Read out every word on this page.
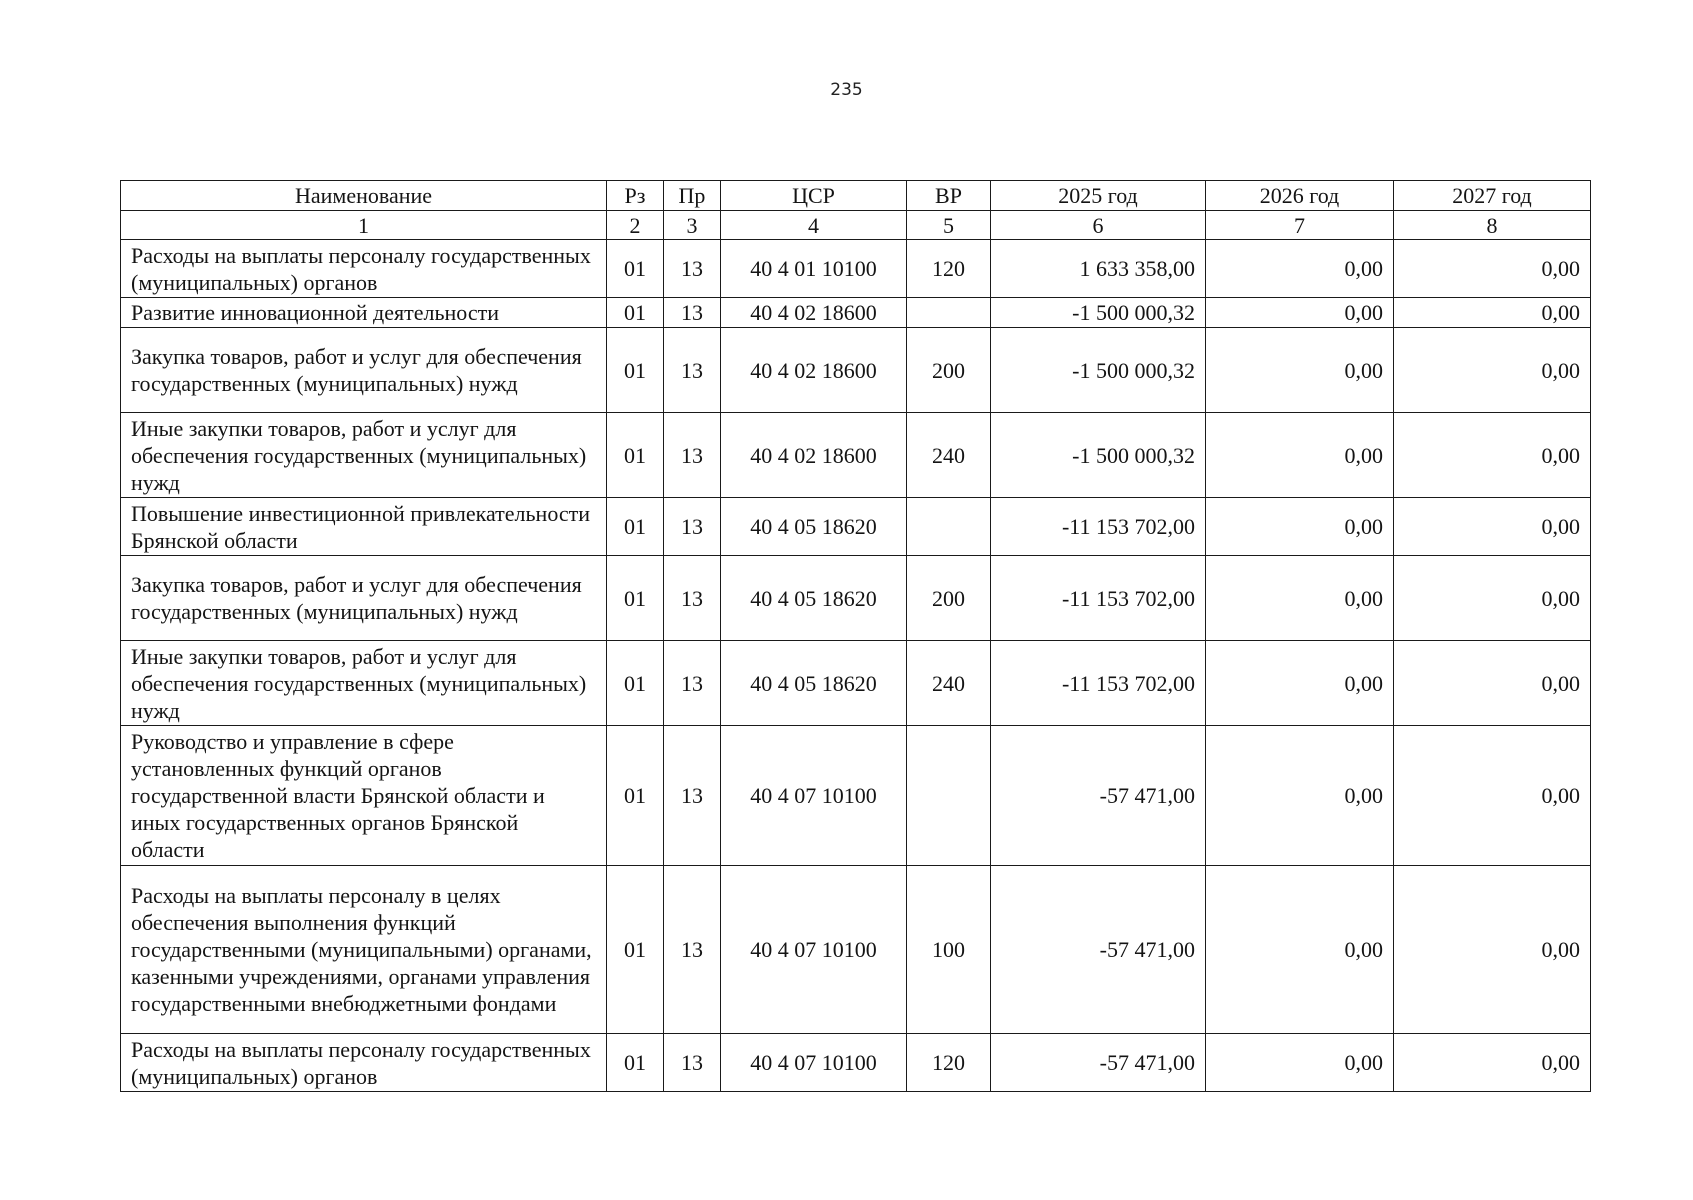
235
Наименование	Рз	Пр	ЦСР	ВР	2025 год	2026 год	2027 год
1	2	3	4	5	6	7	8
Расходы на выплаты персоналу государственных (муниципальных) органов	01	13	40 4 01 10100	120	1 633 358,00	0,00	0,00
Развитие инновационной деятельности	01	13	40 4 02 18600		-1 500 000,32	0,00	0,00
Закупка товаров, работ и услуг для обеспечения государственных (муниципальных) нужд	01	13	40 4 02 18600	200	-1 500 000,32	0,00	0,00
Иные закупки товаров, работ и услуг для обеспечения государственных (муниципальных) нужд	01	13	40 4 02 18600	240	-1 500 000,32	0,00	0,00
Повышение инвестиционной привлекательности Брянской области	01	13	40 4 05 18620		-11 153 702,00	0,00	0,00
Закупка товаров, работ и услуг для обеспечения государственных (муниципальных) нужд	01	13	40 4 05 18620	200	-11 153 702,00	0,00	0,00
Иные закупки товаров, работ и услуг для обеспечения государственных (муниципальных) нужд	01	13	40 4 05 18620	240	-11 153 702,00	0,00	0,00
Руководство и управление в сфере установленных функций органов государственной власти Брянской области и иных государственных органов Брянской области	01	13	40 4 07 10100		-57 471,00	0,00	0,00
Расходы на выплаты персоналу в целях обеспечения выполнения функций государственными (муниципальными) органами, казенными учреждениями, органами управления государственными внебюджетными фондами	01	13	40 4 07 10100	100	-57 471,00	0,00	0,00
Расходы на выплаты персоналу государственных (муниципальных) органов	01	13	40 4 07 10100	120	-57 471,00	0,00	0,00
